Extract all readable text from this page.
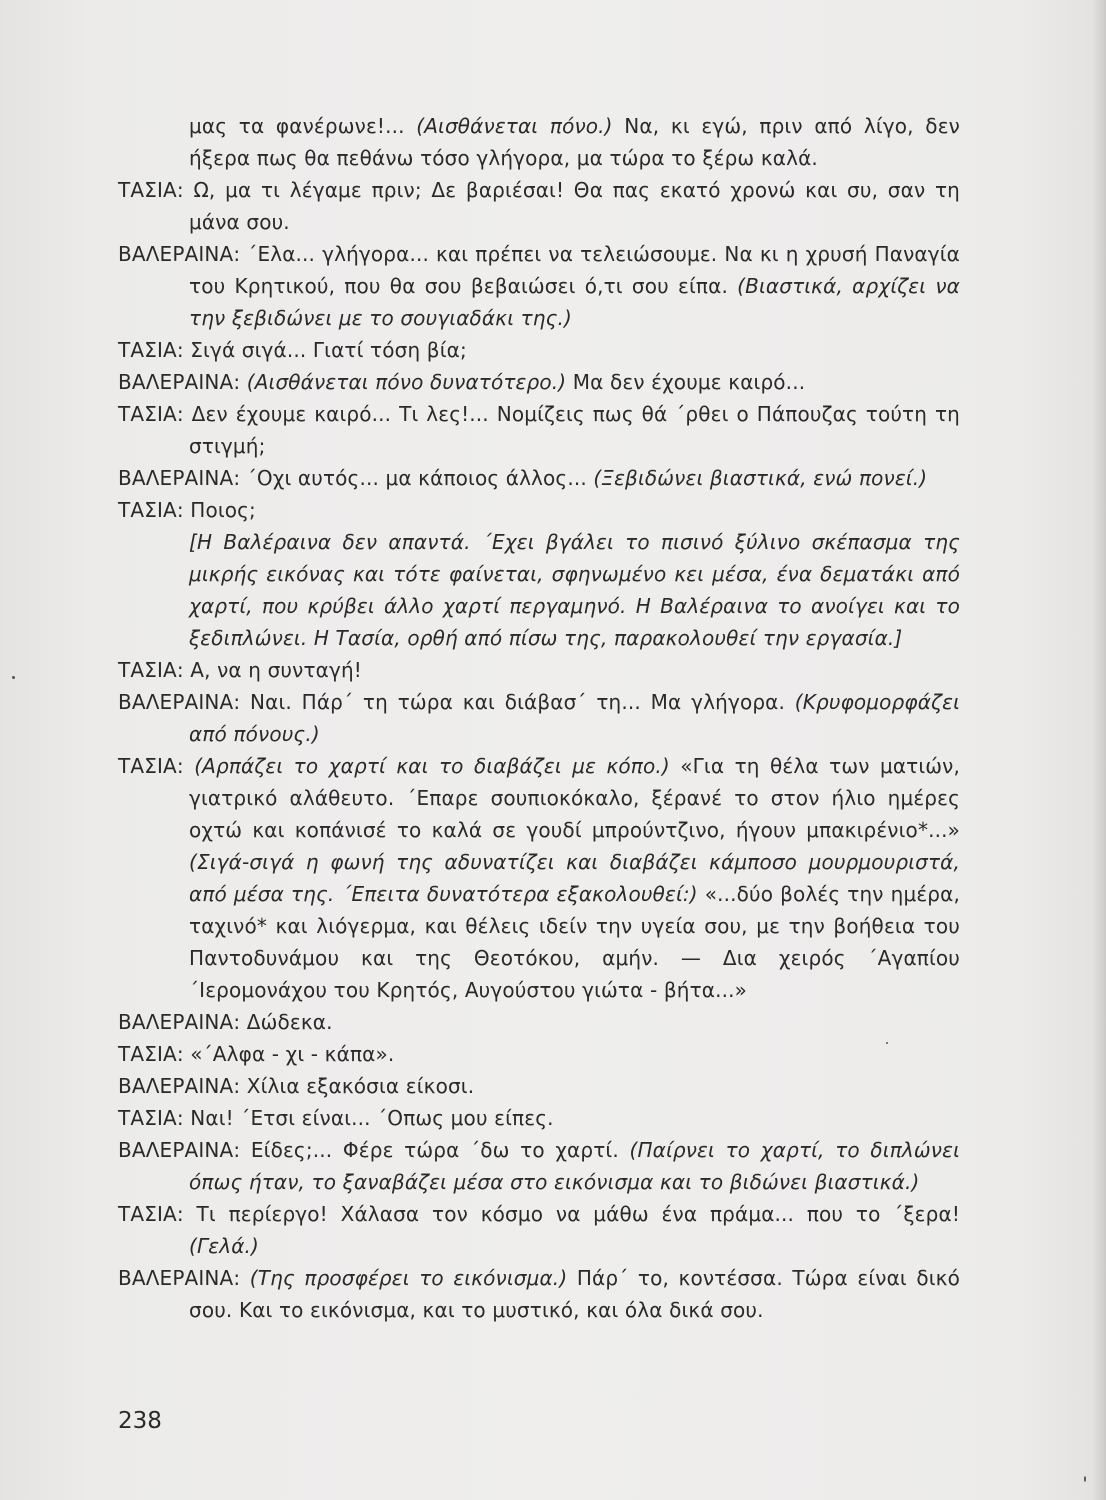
μας τα φανέρωνε!... (Αισθάνεται πόνο.) Να, κι εγώ, πριν από λίγο, δεν ήξερα πως θα πεθάνω τόσο γλήγορα, μα τώρα το ξέρω καλά.

ΤΑΣΙΑ: Ω, μα τι λέγαμε πριν; Δε βαριέσαι! Θα πας εκατό χρονώ και συ, σαν τη μάνα σου.

ΒΑΛΕΡΑΙΝΑ: ΄Ελα... γλήγορα... και πρέπει να τελειώσουμε. Να κι η χρυσή Παναγία του Κρητικού, που θα σου βεβαιώσει ό,τι σου είπα. (Βιαστικά, αρχίζει να την ξεβιδώνει με το σουγιαδάκι της.)

ΤΑΣΙΑ: Σιγά σιγά... Γιατί τόση βία;

ΒΑΛΕΡΑΙΝΑ: (Αισθάνεται πόνο δυνατότερο.) Μα δεν έχουμε καιρό...

ΤΑΣΙΑ: Δεν έχουμε καιρό... Τι λες!... Νομίζεις πως θά ΄ρθει ο Πάπουζας τούτη τη στιγμή;

ΒΑΛΕΡΑΙΝΑ: ΄Οχι αυτός... μα κάποιος άλλος... (Ξεβιδώνει βιαστικά, ενώ πονεί.)

ΤΑΣΙΑ: Ποιος;

[Η Βαλέραινα δεν απαντά. ΄Εχει βγάλει το πισινό ξύλινο σκέπασμα της μικρής εικόνας και τότε φαίνεται, σφηνωμένο κει μέσα, ένα δεματάκι από χαρτί, που κρύβει άλλο χαρτί περγαμηνό. Η Βαλέραινα το ανοίγει και το ξεδιπλώνει. Η Τασία, ορθή από πίσω της, παρακολουθεί την εργασία.]

ΤΑΣΙΑ: Α, να η συνταγή!

ΒΑΛΕΡΑΙΝΑ: Ναι. Πάρ΄ τη τώρα και διάβασ΄ τη... Μα γλήγορα. (Κρυφομορφάζει από πόνους.)

ΤΑΣΙΑ: (Αρπάζει το χαρτί και το διαβάζει με κόπο.) «Για τη θέλα των ματιών, γιατρικό αλάθευτο. ΄Επαρε σουπιοκόκαλο, ξέρανέ το στον ήλιο ημέρες οχτώ και κοπάνισέ το καλά σε γουδί μπρούντζινο, ήγουν μπακιρένιο*...» (Σιγά-σιγά η φωνή της αδυνατίζει και διαβάζει κάμποσο μουρμουριστά, από μέσα της. ΄Επειτα δυνατότερα εξακολουθεί:) «...δύο βολές την ημέρα, ταχινό* και λιόγερμα, και θέλεις ιδείν την υγεία σου, με την βοήθεια του Παντοδυνάμου και της Θεοτόκου, αμήν. — Δια χειρός ΄Αγαπίου ΄Ιερομονάχου του Κρητός, Αυγούστου γιώτα - βήτα...»

ΒΑΛΕΡΑΙΝΑ: Δώδεκα.

ΤΑΣΙΑ: «΄Αλφα - χι - κάπα».

ΒΑΛΕΡΑΙΝΑ: Χίλια εξακόσια είκοσι.

ΤΑΣΙΑ: Ναι! ΄Ετσι είναι... ΄Οπως μου είπες.

ΒΑΛΕΡΑΙΝΑ: Είδες;... Φέρε τώρα ΄δω το χαρτί. (Παίρνει το χαρτί, το διπλώνει όπως ήταν, το ξαναβάζει μέσα στο εικόνισμα και το βιδώνει βιαστικά.)

ΤΑΣΙΑ: Τι περίεργο! Χάλασα τον κόσμο να μάθω ένα πράμα... που το ΄ξερα! (Γελά.)

ΒΑΛΕΡΑΙΝΑ: (Της προσφέρει το εικόνισμα.) Πάρ΄ το, κοντέσσα. Τώρα είναι δικό σου. Και το εικόνισμα, και το μυστικό, και όλα δικά σου.

238
